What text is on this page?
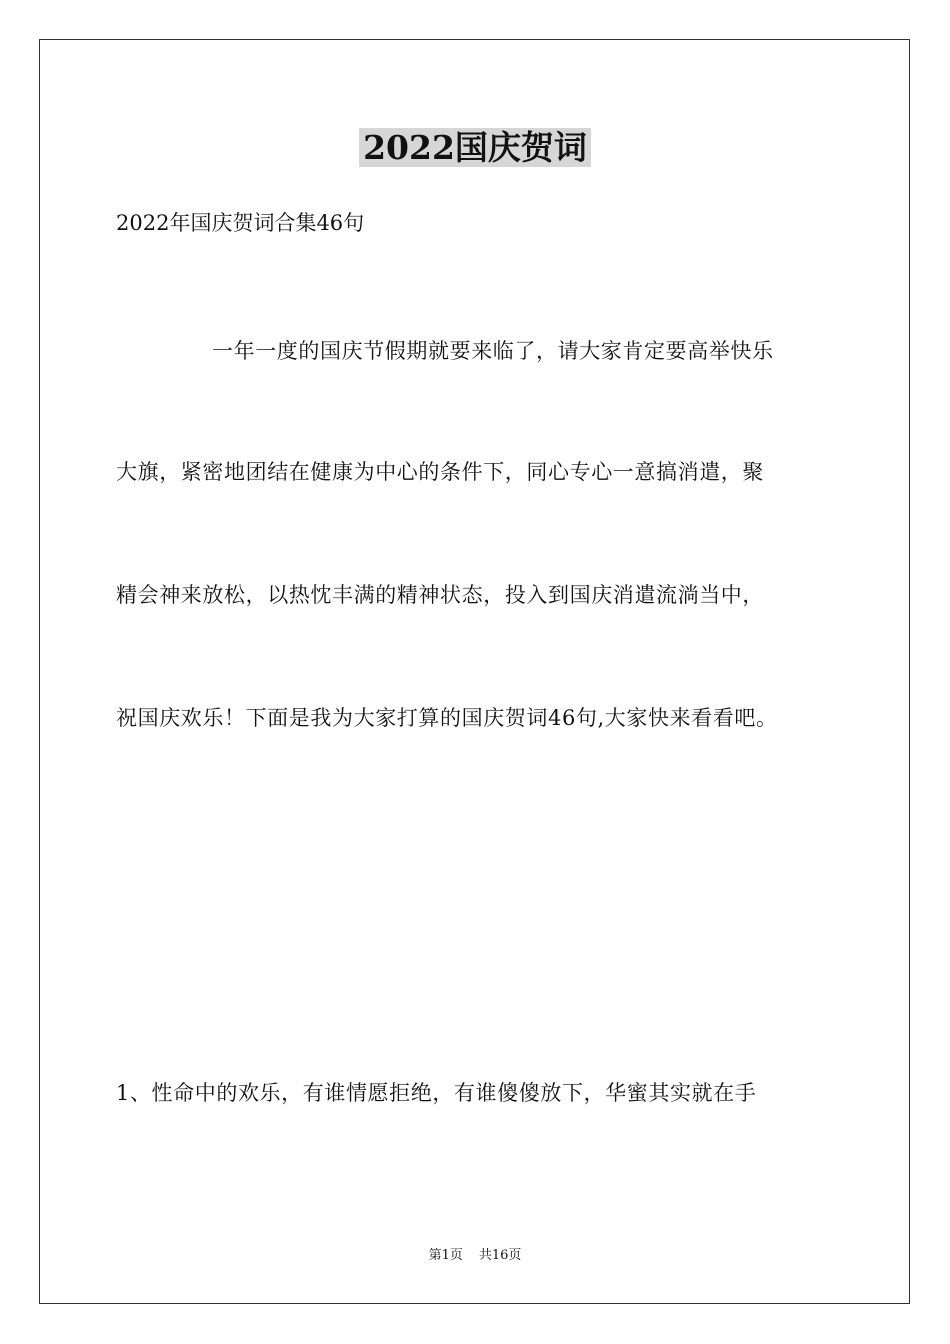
2022国庆贺词
2022年国庆贺词合集46句
一年一度的国庆节假期就要来临了，请大家肯定要高举快乐
大旗，紧密地团结在健康为中心的条件下，同心专心一意搞消遣，聚
精会神来放松，以热忱丰满的精神状态，投入到国庆消遣流淌当中，
祝国庆欢乐！下面是我为大家打算的国庆贺词46句,大家快来看看吧。
1、性命中的欢乐，有谁情愿拒绝，有谁傻傻放下，华蜜其实就在手
第1页 共16页
